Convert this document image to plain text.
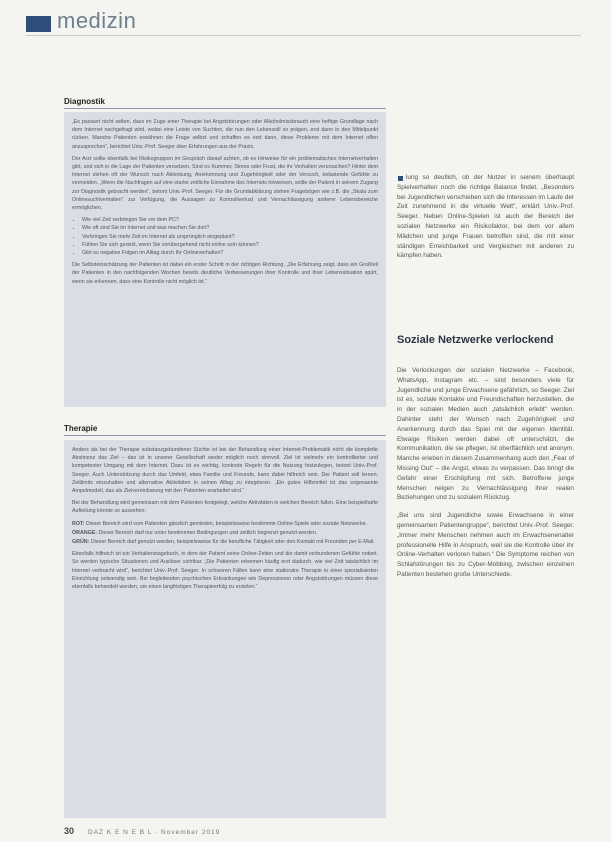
medizin
Diagnostik

„Es passiert nicht selten, dass im Zuge einer Therapie bei Angststörungen oder Alkoholmissbrauch eine heftige Grundlage nach dem Internet nachgefragt wird, wobei eine Leiste von Suchten, die nun den Lebensstil so prägen, erst dann in den Mittelpunkt rücken. Manche Patienten erwähnen die Frage selbst und schaffen es erst dann, diese Probleme mit dem Internet offen anzusprechen“, berichtet Univ.-Prof. Seeger über Erfahrungen aus der Praxis.

Der Arzt sollte ebenfalls bei Risikogruppen im Gespräch darauf achten, ob es Hinweise für ein problematisches Internetverhalten gibt, und sich in die Lage der Patienten versetzen. Sind es Kummer, Stress oder Frust, die ihr Verhalten verursachen? Hinter dem Internet stehen oft der Wunsch nach Ablenkung, Anerkennung und Zugehörigkeit oder der Versuch, belastende Gefühle zu vermeiden. „Wenn die Nachfragen auf eine starke zeitliche Einnahme des Internets hinweisen, sollte der Patient in seinem Zugang zur Diagnostik gebracht werden“, betont Univ.-Prof. Seeger. Für die Grundabklärung stehen Fragebögen wie z.B. die „Skala zum Onlinesuchtverhalten“ zur Verfügung, die Aussagen zu Kontrollverlust und Vernachlässigung anderer Lebensbereiche ermöglichen.

• Wie viel Zeit verbringen Sie vor dem PC?
• Wie oft sind Sie im Internet und was machen Sie dort?
• Verbringen Sie mehr Zeit im Internet als ursprünglich eingeplant?
• Fühlen Sie sich gereizt, wenn Sie vorübergehend nicht online sein können?
• Gibt es negative Folgen im Alltag durch Ihr Onlineverhalten?

Die Selbsteinschätzung der Patienten ist dabei ein erster Schritt in der richtigen Richtung. „Die Erfahrung zeigt, dass ein Großteil der Patienten in den nachfolgenden Wochen bereits deutliche Verbesserungen ihrer Kontrolle und ihrer Lebenssituation spürt, wenn sie erkennen, dass eine Kontrolle nicht möglich ist.“

Therapie

Anders als bei der Therapie substanzgebundener Süchte ist bei der Behandlung einer Internet-Problematik nicht die komplette Abstinenz das Ziel – das ist in unserer Gesellschaft weder möglich noch sinnvoll. Ziel ist vielmehr ein kontrollierter und kompetenter Umgang mit dem Internet. Dazu ist es wichtig, konkrete Regeln für die Nutzung festzulegen, betont Univ.-Prof. Seeger. Auch Unterstützung durch das Umfeld, etwa Familie und Freunde, kann dabei hilfreich sein. Der Patient soll lernen, Zeitlimits einzuhalten und alternative Aktivitäten in seinen Alltag zu integrieren. „Ein gutes Hilfsmittel ist das sogenannte Ampelmodell, das als Zielvereinbarung mit den Patienten erarbeitet wird.“

Bei der Behandlung wird gemeinsam mit dem Patienten festgelegt, welche Aktivitäten in welchen Bereich fallen. Eine beispielhafte Aufteilung könnte so aussehen:

ROT: Dieser Bereich wird vom Patienten gänzlich gemieden, beispielsweise bestimmte Online-Spiele oder soziale Netzwerke.

ORANGE: Dieser Bereich darf nur unter bestimmten Bedingungen und zeitlich begrenzt genutzt werden.

GRÜN: Dieser Bereich darf genutzt werden, beispielsweise für die berufliche Tätigkeit oder den Kontakt mit Freunden per E-Mail.

Ebenfalls hilfreich ist ein Verhaltenstagebuch, in dem der Patient seine Online-Zeiten und die damit verbundenen Gefühle notiert. So werden typische Situationen und Auslöser sichtbar. „Die Patienten erkennen häufig erst dadurch, wie viel Zeit tatsächlich im Internet verbracht wird“, berichtet Univ.-Prof. Seeger. In schweren Fällen kann eine stationäre Therapie in einer spezialisierten Einrichtung notwendig sein. Bei begleitenden psychischen Erkrankungen wie Depressionen oder Angststörungen müssen diese ebenfalls behandelt werden, um einen langfristigen Therapieerfolg zu erzielen.“

lung so deutlich, ob der Nutzer in seinem überhaupt Spielverhalten noch die richtige Balance findet. „Besonders bei Jugendlichen verschieben sich die Interessen im Laufe der Zeit zunehmend in die virtuelle Welt“, erklärt Univ.-Prof. Seeger. Neben Online-Spielen ist auch der Bereich der sozialen Netzwerke ein Risikofaktor, bei dem vor allem Mädchen und junge Frauen betroffen sind, die mit einer ständigen Erreichbarkeit und Vergleichen mit anderen zu kämpfen haben.

Soziale Netzwerke verlockend

Die Verlockungen der sozialen Netzwerke – Facebook, WhatsApp, Instagram etc. – sind besonders viele für Jugendliche und junge Erwachsene gefährlich, so Seeger. Ziel ist es, soziale Kontakte und Freundschaften herzustellen, die in der sozialen Medien auch „tatsächlich erlebt“ werden. Dahinter steht der Wunsch nach Zugehörigkeit und Anerkennung durch das Spiel mit der eigenen Identität. Etwaige Risiken werden dabei oft unterschätzt, die Kommunikation, die sie pflegen, ist oberflächlich und anonym. Manche erleben in diesem Zusammenhang auch den „Fear of Missing Out“ – die Angst, etwas zu verpassen. Das bringt die Gefahr einer Erschöpfung mit sich. Betroffene junge Menschen neigen zu Vernachlässigung ihrer realen Beziehungen und zu sozialem Rückzug.

„Bei uns sind Jugendliche sowie Erwachsene in einer gemeinsamen Patientengruppe“, berichtet Univ.-Prof. Seeger. „Immer mehr Menschen nehmen auch im Erwachsenenalter professionelle Hilfe in Anspruch, weil sie die Kontrolle über ihr Online-Verhalten verloren haben.“ Die Symptome reichen von Schlafstörungen bis zu Cyber-Mobbing, zwischen einzelnen Patienten bestehen große Unterschiede.

30 DAZ K E N E B L · November 2019
